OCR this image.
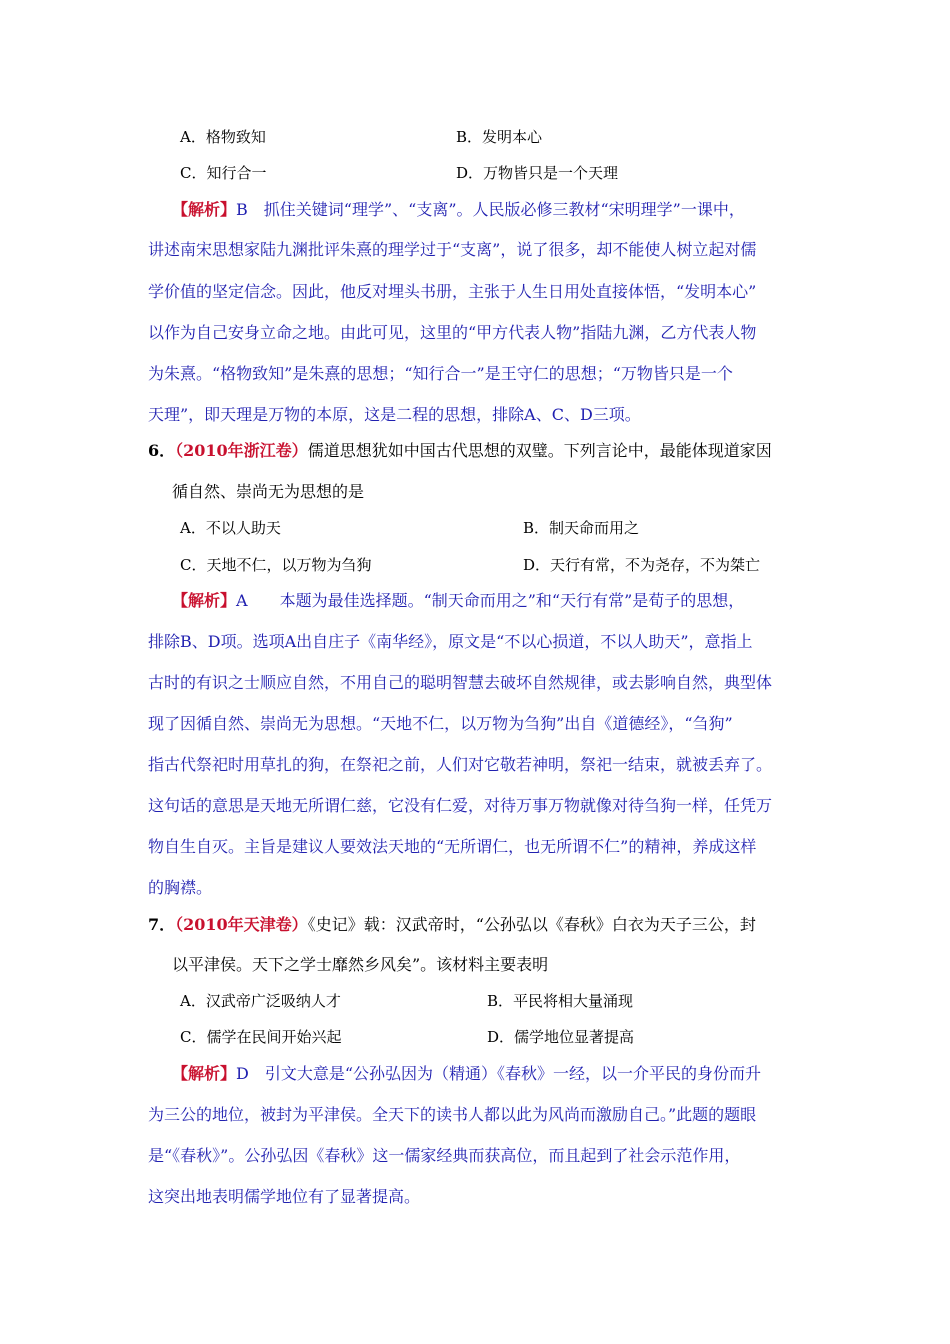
A．格物致知	B．发明本心
C．知行合一	D．万物皆只是一个天理
【解析】B　抓住关键词“理学”、“支离”。人民版必修三教材“宋明理学”一课中，
讲述南宋思想家陆九渊批评朱熹的理学过于“支离”，说了很多，却不能使人树立起对儒
学价值的坚定信念。因此，他反对埋头书册，主张于人生日用处直接体悟，“发明本心”
以作为自己安身立命之地。由此可见，这里的“甲方代表人物”指陆九渊，乙方代表人物
为朱熹。“格物致知”是朱熹的思想；“知行合一”是王守仁的思想；“万物皆只是一个
天理”，即天理是万物的本原，这是二程的思想，排除A、C、D三项。
6．（2010年浙江卷）儒道思想犹如中国古代思想的双璧。下列言论中，最能体现道家因
循自然、崇尚无为思想的是
A．不以人助天	B．制天命而用之
C．天地不仁，以万物为刍狗	D．天行有常，不为尧存，不为桀亡
【解析】A　　本题为最佳选择题。“制天命而用之”和“天行有常”是荀子的思想，
排除B、D项。选项A出自庄子《南华经》，原文是“不以心损道，不以人助天”，意指上
古时的有识之士顺应自然，不用自己的聪明智慧去破坏自然规律，或去影响自然，典型体
现了因循自然、崇尚无为思想。“天地不仁，以万物为刍狗”出自《道德经》，“刍狗”
指古代祭祀时用草扎的狗，在祭祀之前，人们对它敬若神明，祭祀一结束，就被丢弃了。
这句话的意思是天地无所谓仁慈，它没有仁爱，对待万事万物就像对待刍狗一样，任凭万
物自生自灭。主旨是建议人要效法天地的“无所谓仁，也无所谓不仁”的精神，养成这样
的胸襟。
7．（2010年天津卷）《史记》载：汉武帝时，“公孙弘以《春秋》白衣为天子三公，封
以平津侯。天下之学士靡然乡风矣”。该材料主要表明
A．汉武帝广泛吸纳人才	B．平民将相大量涌现
C．儒学在民间开始兴起	D．儒学地位显著提高
【解析】D　引文大意是“公孙弘因为（精通）《春秋》一经，以一介平民的身份而升
为三公的地位，被封为平津侯。全天下的读书人都以此为风尚而激励自己。”此题的题眼
是“《春秋》”。公孙弘因《春秋》这一儒家经典而获高位，而且起到了社会示范作用，
这突出地表明儒学地位有了显著提高。
